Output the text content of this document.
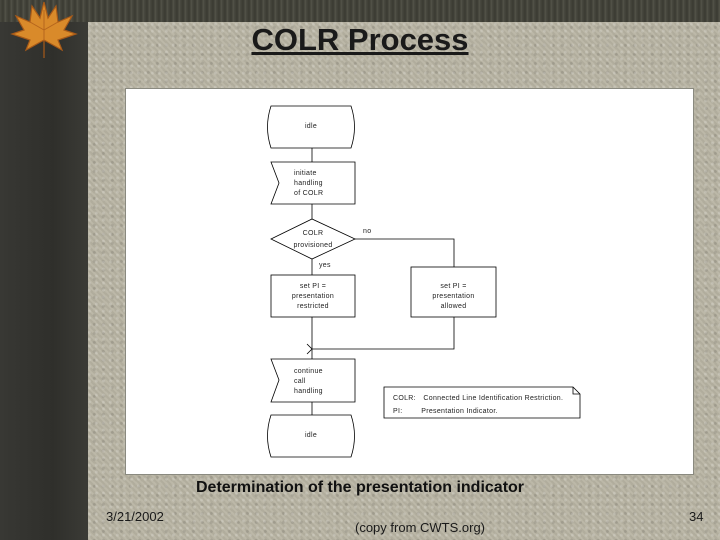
COLR Process
idle
initiate
handling
of COLR
COLR
provisioned
no
yes
set PI =
presentation
restricted
set PI =
presentation
allowed
continue
call
handling
idle
COLR: Connected Line Identification Restriction.
PI:	Presentation Indicator.
Determination of the presentation indicator
3/21/2002
(copy from CWTS.org)
34
